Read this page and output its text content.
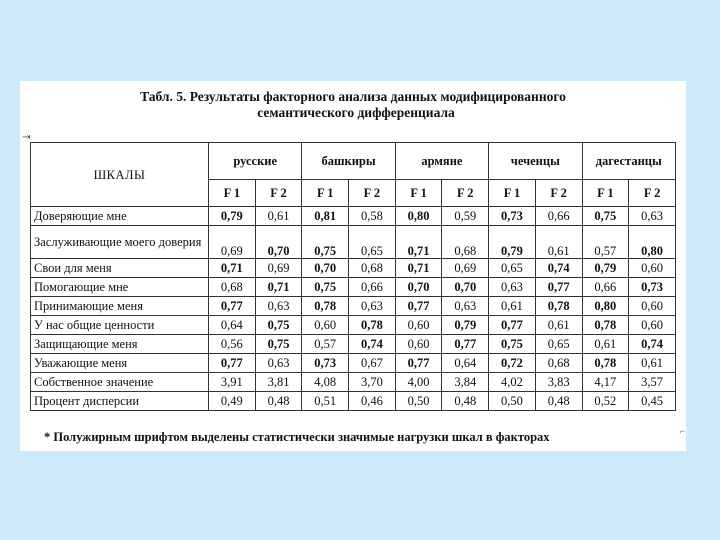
Табл. 5. Результаты факторного анализа данных модифицированного
семантического дифференциала
ШКАЛЫ	русские		башкиры		армяне		чеченцы		дагестанцы	
	F 1	F 2	F 1	F 2	F 1	F 2	F 1	F 2	F 1	F 2
Доверяющие мне	0,79	0,61	0,81	0,58	0,80	0,59	0,73	0,66	0,75	0,63
Заслуживающие моего доверия	0,69	0,70	0,75	0,65	0,71	0,68	0,79	0,61	0,57	0,80
Свои для меня	0,71	0,69	0,70	0,68	0,71	0,69	0,65	0,74	0,79	0,60
Помогающие мне	0,68	0,71	0,75	0,66	0,70	0,70	0,63	0,77	0,66	0,73
Принимающие меня	0,77	0,63	0,78	0,63	0,77	0,63	0,61	0,78	0,80	0,60
У нас общие ценности	0,64	0,75	0,60	0,78	0,60	0,79	0,77	0,61	0,78	0,60
Защищающие меня	0,56	0,75	0,57	0,74	0,60	0,77	0,75	0,65	0,61	0,74
Уважающие меня	0,77	0,63	0,73	0,67	0,77	0,64	0,72	0,68	0,78	0,61
Собственное значение	3,91	3,81	4,08	3,70	4,00	3,84	4,02	3,83	4,17	3,57
Процент дисперсии	0,49	0,48	0,51	0,46	0,50	0,48	0,50	0,48	0,52	0,45
* Полужирным шрифтом выделены статистически значимые нагрузки шкал в факторах
⇥
⌐
